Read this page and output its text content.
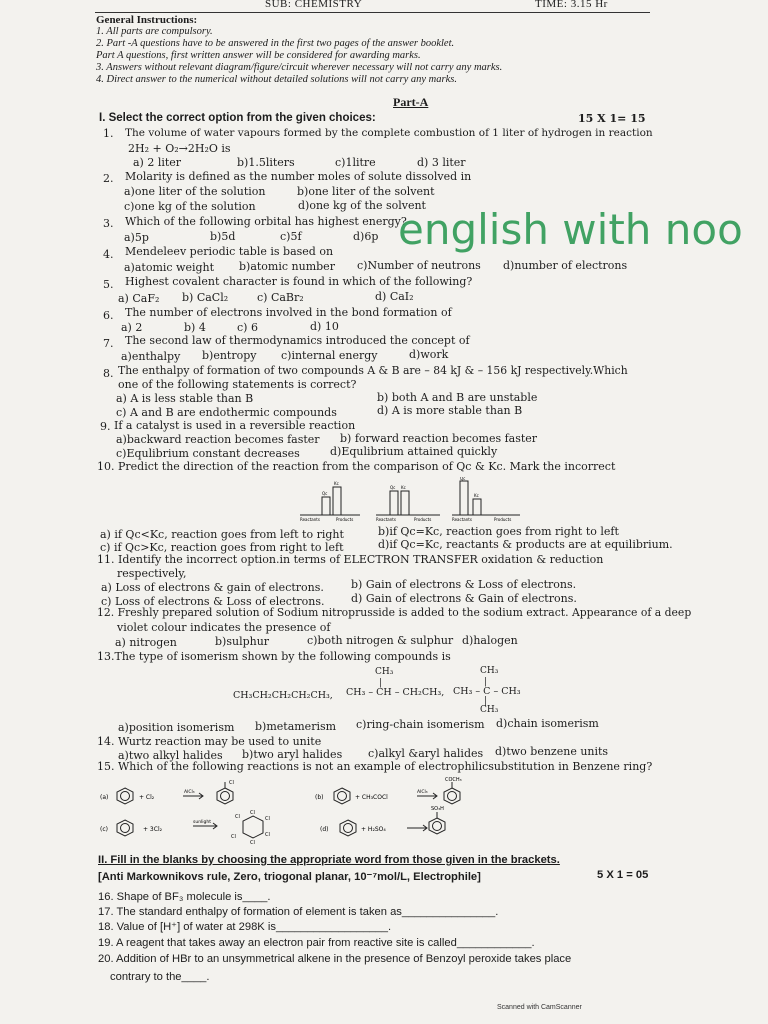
SUB: CHEMISTRY	TIME: 3.15 Hr
General Instructions:
1. All parts are compulsory.
2. Part -A questions have to be answered in the first two pages of the answer booklet.
Part A questions, first written answer will be considered for awarding marks.
3. Answers without relevant diagram/figure/circuit wherever necessary will not carry any marks.
4. Direct answer to the numerical without detailed solutions will not carry any marks.
Part-A
I. Select the correct option from the given choices:	15 X 1= 15
1. The volume of water vapours formed by the complete combustion of 1 liter of hydrogen in reaction
2H₂ + O₂→2H₂O is
a) 2 liter	b)1.5liters	c)1litre	d) 3 liter
2. Molarity is defined as the number moles of solute dissolved in
a)one liter of the solution	b)one liter of the solvent
c)one kg of the solution	d)one kg of the solvent
3. Which of the following orbital has highest energy?
a)5p	b)5d	c)5f	d)6p english with noo
4. Mendeleev periodic table is based on
a)atomic weight b)atomic number c)Number of neutrons d)number of electrons
5. Highest covalent character is found in which of the following?
a) CaF₂ b) CaCl₂	c) CaBr₂	d) CaI₂
6. The number of electrons involved in the bond formation of
a) 2	b) 4	c) 6	d) 10
7. The second law of thermodynamics introduced the concept of
a)enthalpy b)entropy c)internal energy	d)work
8. The enthalpy of formation of two compounds A & B are – 84 kJ & – 156 kJ respectively.Which
one of the following statements is correct?
a) A is less stable than B	b) both A and B are unstable
c) A and B are endothermic compounds	d) A is more stable than B
9. If a catalyst is used in a reversible reaction
a)backward reaction becomes faster b) forward reaction becomes faster
c)Equlibrium constant decreases	d)Equlibrium attained quickly
10. Predict the direction of the reaction from the comparison of Qc & Kc. Mark the incorrect
Reactants	Products	Reactants	Products	Reactants	Products
Qc
Kc
Qc Kc
Qc
Kc
a) if Qc<Kc, reaction goes from left to right	b)if Qc=Kc, reaction goes from right to left
c) if Qc>Kc, reaction goes from right to left	d)if Qc=Kc, reactants & products are at equilibrium.
11. Identify the incorrect option.in terms of ELECTRON TRANSFER oxidation & reduction
respectively,
a) Loss of electrons & gain of electrons. b) Gain of electrons & Loss of electrons.
c) Loss of electrons & Loss of electrons. d) Gain of electrons & Gain of electrons.
12. Freshly prepared solution of Sodium nitroprusside is added to the sodium extract. Appearance of a deep
violet colour indicates the presence of
a) nitrogen	b)sulphur	c)both nitrogen & sulphur d)halogen
13.The type of isomerism shown by the following compounds is
CH₃CH₂CH₂CH₂CH₃, CH₃ – CH – CH₂CH₃,
CH₃
|
CH₃ – C – CH₃
CH₃
|
|
CH₃
a)position isomerism b)metamerism c)ring-chain isomerism d)chain isomerism
14. Wurtz reaction may be used to unite
a)two alkyl halides b)two aryl halides c)alkyl &aryl halides d)two benzene units
15. Which of the following reactions is not an example of electrophilicsubstitution in Benzene ring?
(a)	+ Cl₂
AlCl₃
Cl
(b)	+ CH₃COCl
AlCl₃
COCH₃
(c)	+ 3Cl₂
sunlight
Cl	Cl
Cl
Cl
Cl
Cl
(d)	+ H₂SO₄
SO₃H
II. Fill in the blanks by choosing the appropriate word from those given in the brackets.
[Anti Markownikovs rule, Zero, triogonal planar, 10⁻⁷mol/L, Electrophile]	5 X 1 = 05
16. Shape of BF₃ molecule is____.
17. The standard enthalpy of formation of element is taken as_______________.
18. Value of [H⁺] of water at 298K is__________________.
19. A reagent that takes away an electron pair from reactive site is called____________.
20. Addition of HBr to an unsymmetrical alkene in the presence of Benzoyl peroxide takes place
contrary to the____.
Scanned with CamScanner
